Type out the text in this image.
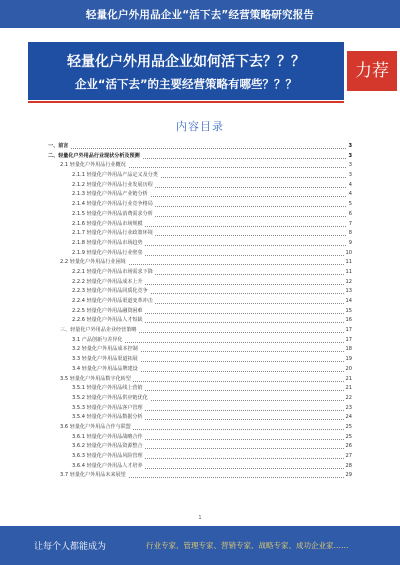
轻量化户外用品企业“活下去”经营策略研究报告
轻量化户外用品企业如何活下去？？？
企业“活下去”的主要经营策略有哪些？？？
力荐
内容目录
一、前言	3
二、轻量化户外用品行业现状分析及预测	3
2.1 轻量化户外用品行业概况	3
2.1.1 轻量化户外用品产品定义及分类	3
2.1.2 轻量化户外用品行业发展历程	4
2.1.3 轻量化户外用品产业链分析	4
2.1.4 轻量化户外用品行业竞争格局	5
2.1.5 轻量化户外用品消费需求分析	6
2.1.6 轻量化户外用品市场规模	7
2.1.7 轻量化户外用品行业政策环境	8
2.1.8 轻量化户外用品市场趋势	9
2.1.9 轻量化户外用品行业壁垒	10
2.2 轻量化户外用品行业困境	11
2.2.1 轻量化户外用品市场需求下降	11
2.2.2 轻量化户外用品成本上升	12
2.2.3 轻量化户外用品同质化竞争	13
2.2.4 轻量化户外用品渠道变革冲击	14
2.2.5 轻量化户外用品融资困难	15
2.2.6 轻量化户外用品人才短缺	16
三、轻量化户外用品企业经营策略	17
3.1 产品创新与差异化	17
3.2 轻量化户外用品成本控制	18
3.3 轻量化户外用品渠道拓展	19
3.4 轻量化户外用品品牌建设	20
3.5 轻量化户外用品数字化转型	21
3.5.1 轻量化户外用品线上营销	21
3.5.2 轻量化户外用品供应链优化	22
3.5.3 轻量化户外用品客户管理	23
3.5.4 轻量化户外用品数据分析	24
3.6 轻量化户外用品合作与联盟	25
3.6.1 轻量化户外用品战略合作	25
3.6.2 轻量化户外用品资源整合	26
3.6.3 轻量化户外用品风险管理	27
3.6.4 轻量化户外用品人才培养	28
3.7 轻量化户外用品未来展望	29
1
让每个人都能成为	行业专家、管理专家、营销专家、战略专家、成功企业家……
